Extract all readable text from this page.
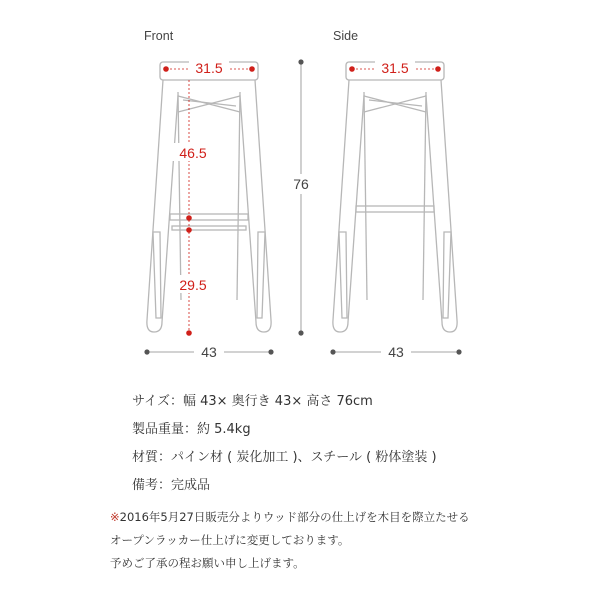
Front	Side
31.5
46.5
29.5
43
76
31.5
43
サイズ：幅 43× 奥行き 43× 高さ 76cm
製品重量：約 5.4kg
材質：パイン材 ( 炭化加工 )、スチール ( 粉体塗装 )
備考：完成品
※2016年5月27日販売分よりウッド部分の仕上げを木目を際立たせる
オープンラッカー仕上げに変更しております。
予めご了承の程お願い申し上げます。
